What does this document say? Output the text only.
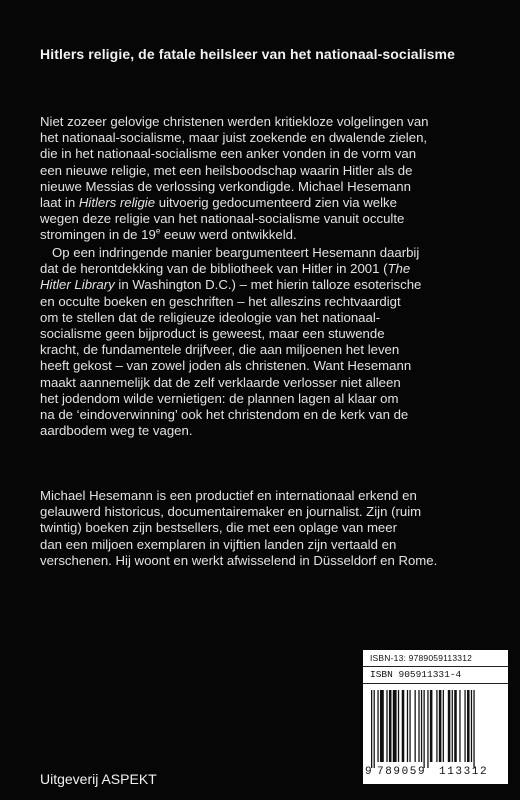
Hitlers religie, de fatale heilsleer van het nationaal-socialisme

Niet zozeer gelovige christenen werden kritiekloze volgelingen van
het nationaal-socialisme, maar juist zoekende en dwalende zielen,
die in het nationaal-socialisme een anker vonden in de vorm van
een nieuwe religie, met een heilsboodschap waarin Hitler als de
nieuwe Messias de verlossing verkondigde. Michael Hesemann
laat in Hitlers religie uitvoerig gedocumenteerd zien via welke
wegen deze religie van het nationaal-socialisme vanuit occulte
stromingen in de 19e eeuw werd ontwikkeld.

Op een indringende manier beargumenteert Hesemann daarbij
dat de herontdekking van de bibliotheek van Hitler in 2001 (The
Hitler Library in Washington D.C.) – met hierin talloze esoterische
en occulte boeken en geschriften – het alleszins rechtvaardigt
om te stellen dat de religieuze ideologie van het nationaal-
socialisme geen bijproduct is geweest, maar een stuwende
kracht, de fundamentele drijfveer, die aan miljoenen het leven
heeft gekost – van zowel joden als christenen. Want Hesemann
maakt aannemelijk dat de zelf verklaarde verlosser niet alleen
het jodendom wilde vernietigen: de plannen lagen al klaar om
na de ‘eindoverwinning’ ook het christendom en de kerk van de
aardbodem weg te vagen.

Michael Hesemann is een productief en internationaal erkend en
gelauwerd historicus, documentairemaker en journalist. Zijn (ruim
twintig) boeken zijn bestsellers, die met een oplage van meer
dan een miljoen exemplaren in vijftien landen zijn vertaald en
verschenen. Hij woont en werkt afwisselend in Düsseldorf en Rome.

ISBN-13: 9789059113312
ISBN 905911331-4
9 789059 113312
Uitgeverij ASPEKT
